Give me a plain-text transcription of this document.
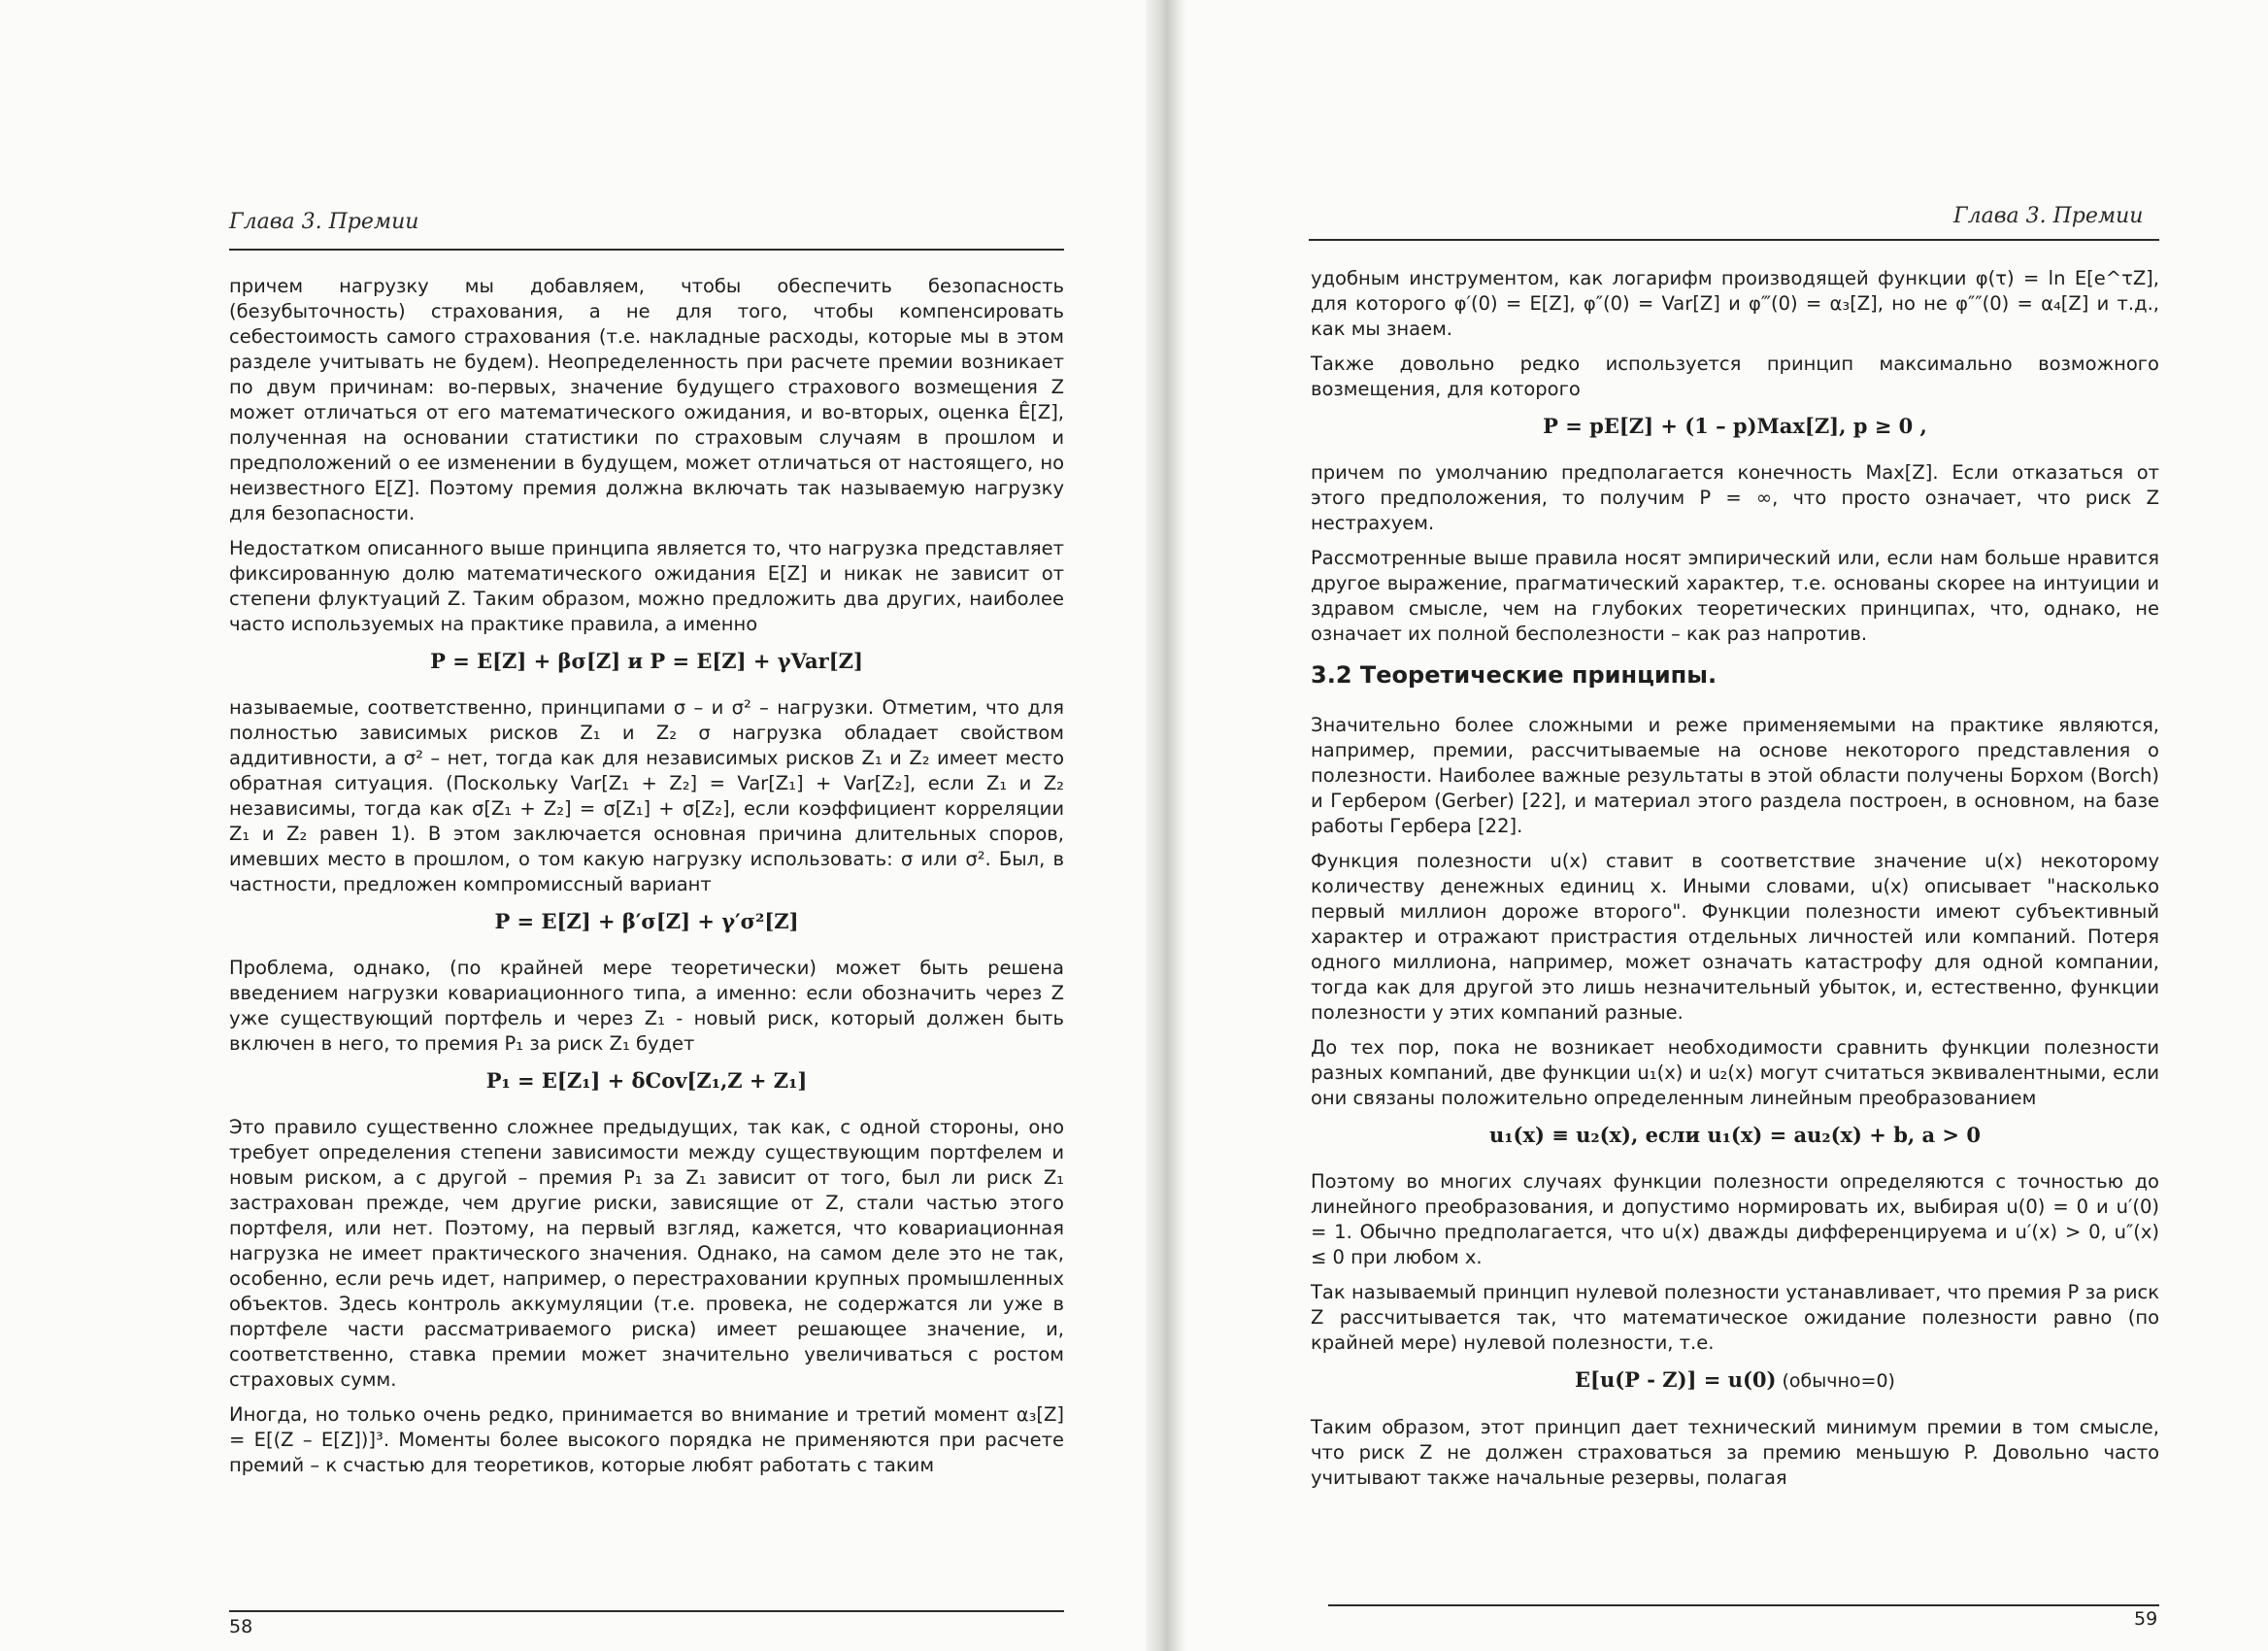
Глава 3. Премии

причем нагрузку мы добавляем, чтобы обеспечить безопасность (безубыточность) страхования, а не для того, чтобы компенсировать себестоимость самого страхования (т.е. накладные расходы, которые мы в этом разделе учитывать не будем). Неопределенность при расчете премии возникает по двум причинам: во-первых, значение будущего страхового возмещения Z может отличаться от его математического ожидания, и во-вторых, оценка Ê[Z], полученная на основании статистики по страховым случаям в прошлом и предположений о ее изменении в будущем, может отличаться от настоящего, но неизвестного E[Z]. Поэтому премия должна включать так называемую нагрузку для безопасности.

Недостатком описанного выше принципа является то, что нагрузка представляет фиксированную долю математического ожидания E[Z] и никак не зависит от степени флуктуаций Z. Таким образом, можно предложить два других, наиболее часто используемых на практике правила, а именно

P = E[Z] + βσ[Z] и P = E[Z] + γVar[Z]

называемые, соответственно, принципами σ – и σ² – нагрузки. Отметим, что для полностью зависимых рисков Z₁ и Z₂ σ нагрузка обладает свойством аддитивности, а σ² – нет, тогда как для независимых рисков Z₁ и Z₂ имеет место обратная ситуация. (Поскольку Var[Z₁ + Z₂] = Var[Z₁] + Var[Z₂], если Z₁ и Z₂ независимы, тогда как σ[Z₁ + Z₂] = σ[Z₁] + σ[Z₂], если коэффициент корреляции Z₁ и Z₂ равен 1). В этом заключается основная причина длительных споров, имевших место в прошлом, о том какую нагрузку использовать: σ или σ². Был, в частности, предложен компромиссный вариант

P = E[Z] + β′σ[Z] + γ′σ²[Z]

Проблема, однако, (по крайней мере теоретически) может быть решена введением нагрузки ковариационного типа, а именно: если обозначить через Z уже существующий портфель и через Z₁ - новый риск, который должен быть включен в него, то премия P₁ за риск Z₁ будет

P₁ = E[Z₁] + δCov[Z₁,Z + Z₁]

Это правило существенно сложнее предыдущих, так как, с одной стороны, оно требует определения степени зависимости между существующим портфелем и новым риском, а с другой – премия P₁ за Z₁ зависит от того, был ли риск Z₁ застрахован прежде, чем другие риски, зависящие от Z, стали частью этого портфеля, или нет. Поэтому, на первый взгляд, кажется, что ковариационная нагрузка не имеет практического значения. Однако, на самом деле это не так, особенно, если речь идет, например, о перестраховании крупных промышленных объектов. Здесь контроль аккумуляции (т.е. провека, не содержатся ли уже в портфеле части рассматриваемого риска) имеет решающее значение, и, соответственно, ставка премии может значительно увеличиваться с ростом страховых сумм.

Иногда, но только очень редко, принимается во внимание и третий момент α₃[Z] = E[(Z – E[Z])]³. Моменты более высокого порядка не применяются при расчете премий – к счастью для теоретиков, которые любят работать с таким

58
Глава 3. Премии

удобным инструментом, как логарифм производящей функции φ(τ) = ln E[e^τZ], для которого φ′(0) = E[Z], φ″(0) = Var[Z] и φ‴(0) = α₃[Z], но не φ″″(0) = α₄[Z] и т.д., как мы знаем.

Также довольно редко используется принцип максимально возможного возмещения, для которого

P = pE[Z] + (1 – p)Max[Z], p ≥ 0 ,

причем по умолчанию предполагается конечность Max[Z]. Если отказаться от этого предположения, то получим P = ∞, что просто означает, что риск Z нестрахуем.

Рассмотренные выше правила носят эмпирический или, если нам больше нравится другое выражение, прагматический характер, т.е. основаны скорее на интуиции и здравом смысле, чем на глубоких теоретических принципах, что, однако, не означает их полной бесполезности – как раз напротив.

3.2 Теоретические принципы.

Значительно более сложными и реже применяемыми на практике являются, например, премии, рассчитываемые на основе некоторого представления о полезности. Наиболее важные результаты в этой области получены Борхом (Borch) и Гербером (Gerber) [22], и материал этого раздела построен, в основном, на базе работы Гербера [22].

Функция полезности u(x) ставит в соответствие значение u(x) некоторому количеству денежных единиц x. Иными словами, u(x) описывает "насколько первый миллион дороже второго". Функции полезности имеют субъективный характер и отражают пристрастия отдельных личностей или компаний. Потеря одного миллиона, например, может означать катастрофу для одной компании, тогда как для другой это лишь незначительный убыток, и, естественно, функции полезности у этих компаний разные.

До тех пор, пока не возникает необходимости сравнить функции полезности разных компаний, две функции u₁(x) и u₂(x) могут считаться эквивалентными, если они связаны положительно определенным линейным преобразованием

u₁(x) ≡ u₂(x), если u₁(x) = au₂(x) + b, a > 0

Поэтому во многих случаях функции полезности определяются с точностью до линейного преобразования, и допустимо нормировать их, выбирая u(0) = 0 и u′(0) = 1. Обычно предполагается, что u(x) дважды дифференцируема и u′(x) > 0, u″(x) ≤ 0 при любом x.

Так называемый принцип нулевой полезности устанавливает, что премия P за риск Z рассчитывается так, что математическое ожидание полезности равно (по крайней мере) нулевой полезности, т.е.

E[u(P - Z)] = u(0) (обычно=0)

Таким образом, этот принцип дает технический минимум премии в том смысле, что риск Z не должен страховаться за премию меньшую P. Довольно часто учитывают также начальные резервы, полагая

59
